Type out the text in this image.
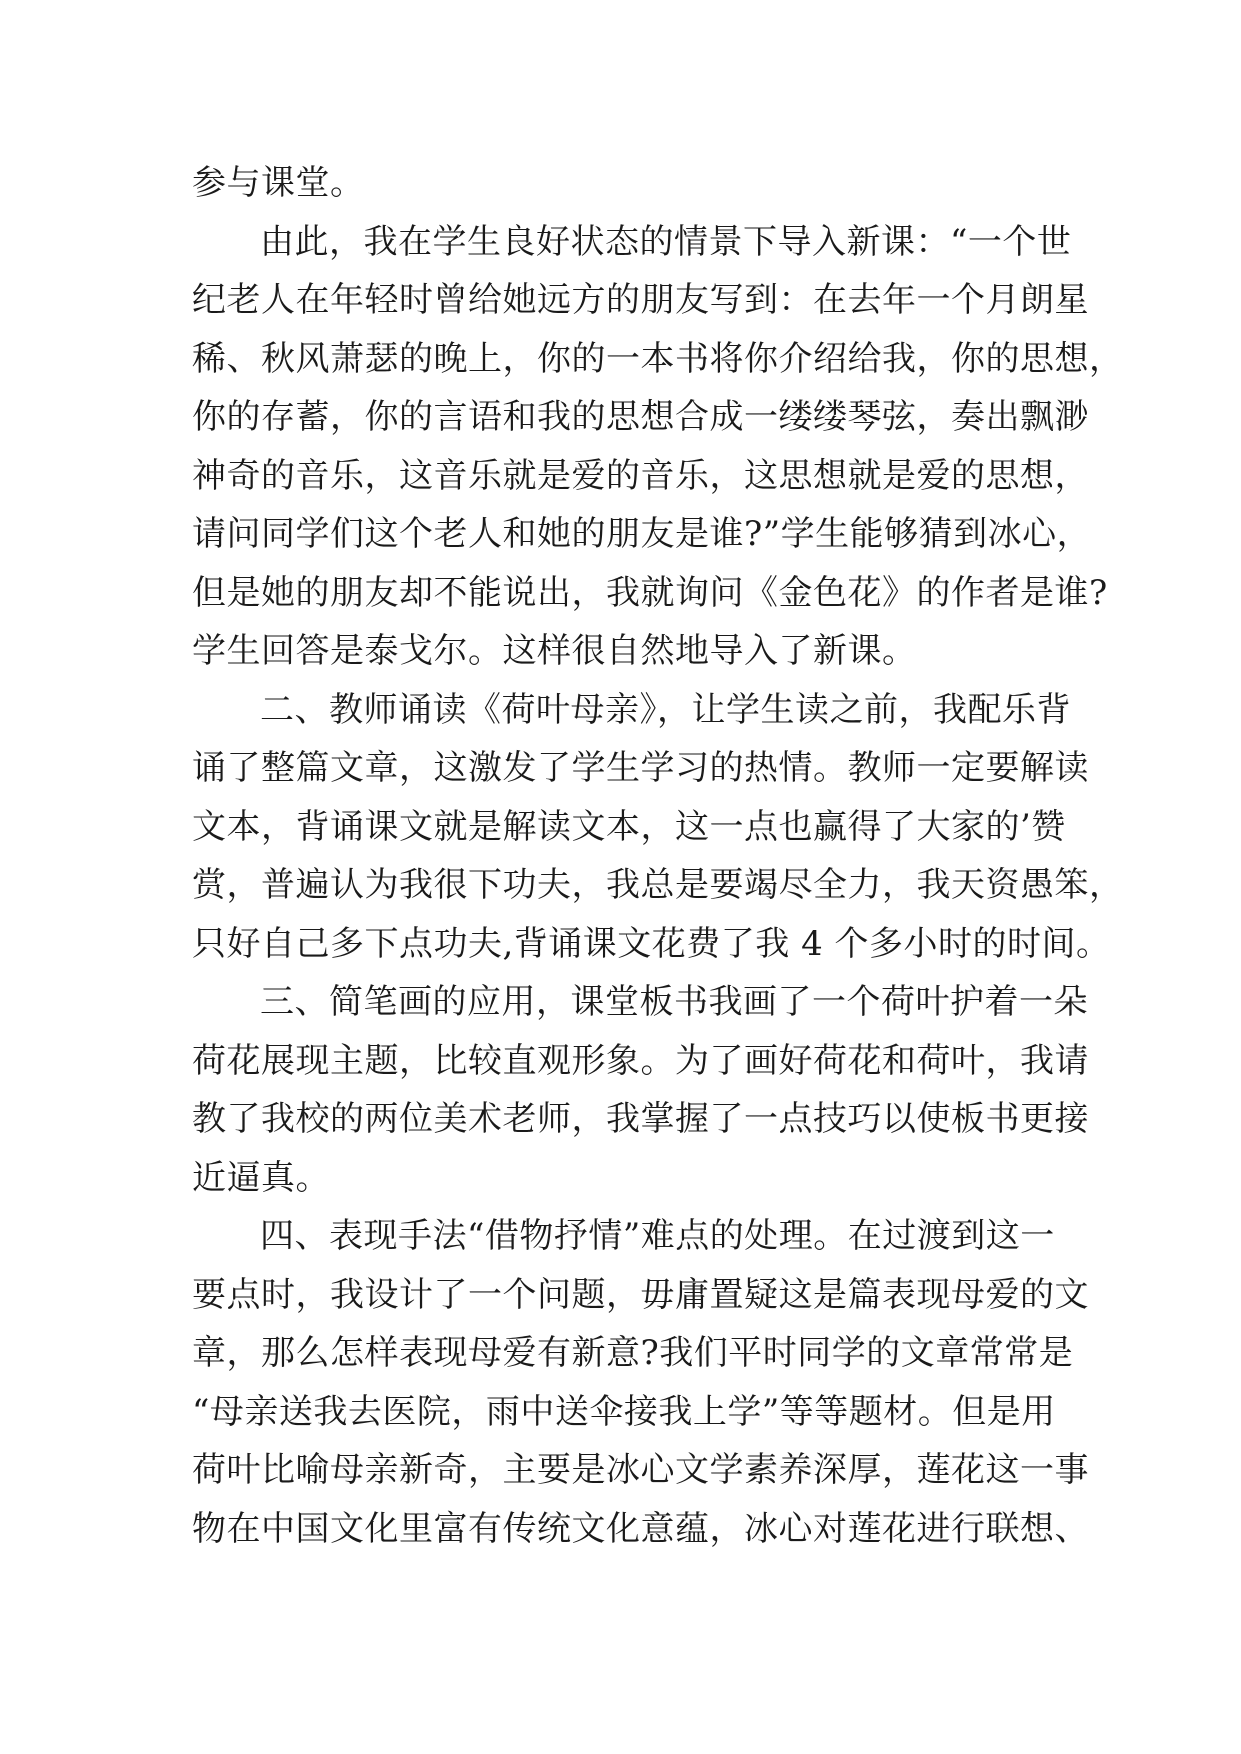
参与课堂。
由此，我在学生良好状态的情景下导入新课：“一个世
纪老人在年轻时曾给她远方的朋友写到：在去年一个月朗星
稀、秋风萧瑟的晚上，你的一本书将你介绍给我，你的思想，
你的存蓄，你的言语和我的思想合成一缕缕琴弦，奏出飘渺
神奇的音乐，这音乐就是爱的音乐，这思想就是爱的思想，
请问同学们这个老人和她的朋友是谁?”学生能够猜到冰心，
但是她的朋友却不能说出，我就询问《金色花》的作者是谁?
学生回答是泰戈尔。这样很自然地导入了新课。
二、教师诵读《荷叶母亲》，让学生读之前，我配乐背
诵了整篇文章，这激发了学生学习的热情。教师一定要解读
文本，背诵课文就是解读文本，这一点也赢得了大家的’赞
赏，普遍认为我很下功夫，我总是要竭尽全力，我天资愚笨，
只好自己多下点功夫,背诵课文花费了我 4 个多小时的时间。
三、简笔画的应用，课堂板书我画了一个荷叶护着一朵
荷花展现主题，比较直观形象。为了画好荷花和荷叶，我请
教了我校的两位美术老师，我掌握了一点技巧以使板书更接
近逼真。
四、表现手法“借物抒情”难点的处理。在过渡到这一
要点时，我设计了一个问题，毋庸置疑这是篇表现母爱的文
章，那么怎样表现母爱有新意?我们平时同学的文章常常是
“母亲送我去医院，雨中送伞接我上学”等等题材。但是用
荷叶比喻母亲新奇，主要是冰心文学素养深厚，莲花这一事
物在中国文化里富有传统文化意蕴，冰心对莲花进行联想、
